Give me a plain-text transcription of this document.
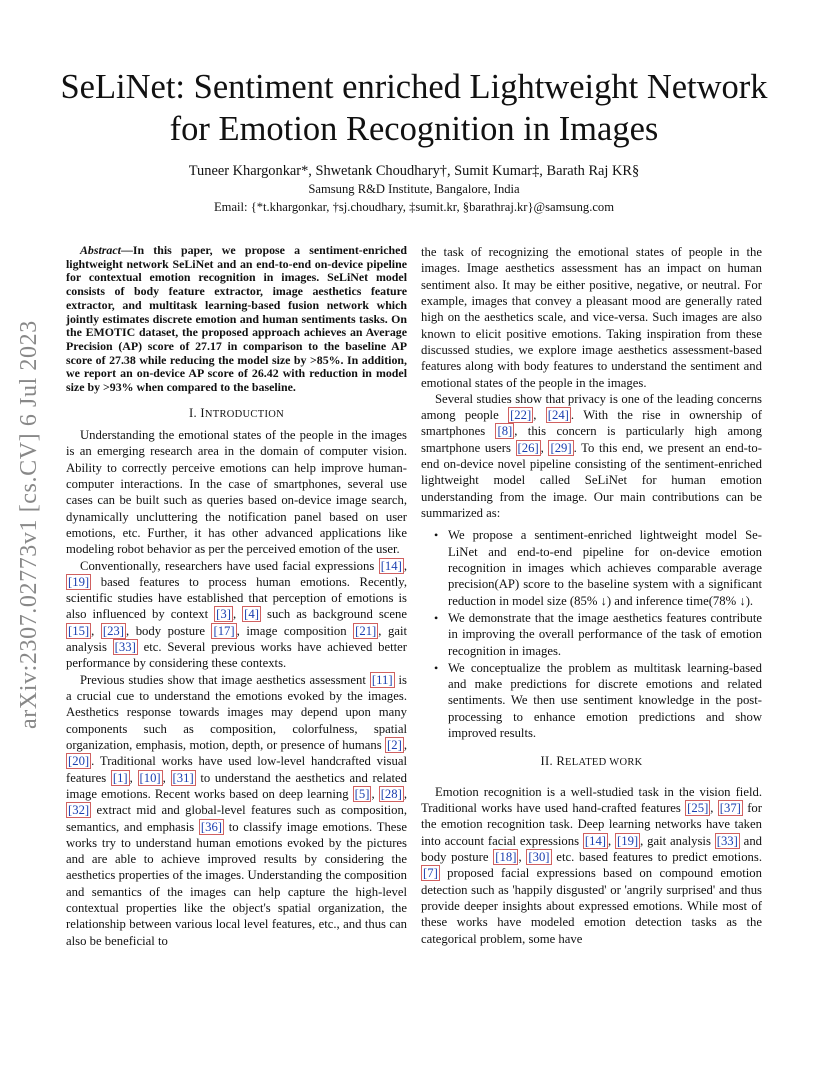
arXiv:2307.02773v1 [cs.CV] 6 Jul 2023
SeLiNet: Sentiment enriched Lightweight Network
for Emotion Recognition in Images
Tuneer Khargonkar*, Shwetank Choudhary†, Sumit Kumar‡, Barath Raj KR§
Samsung R&D Institute, Bangalore, India
Email: {*t.khargonkar, †sj.choudhary, ‡sumit.kr, §barathraj.kr}@samsung.com

Abstract—In this paper, we propose a sentiment-enriched lightweight network SeLiNet and an end-to-end on-device pipeline for contextual emotion recognition in images. SeLiNet model consists of body feature extractor, image aesthetics feature extractor, and multitask learning-based fusion network which jointly estimates discrete emotion and human sentiments tasks. On the EMOTIC dataset, the proposed approach achieves an Average Precision (AP) score of 27.17 in comparison to the baseline AP score of 27.38 while reducing the model size by >85%. In addition, we report an on-device AP score of 26.42 with reduction in model size by >93% when compared to the baseline.

I. INTRODUCTION

Understanding the emotional states of the people in the images is an emerging research area in the domain of computer vision. Ability to correctly perceive emotions can help improve human-computer interactions. In the case of smartphones, several use cases can be built such as queries based on-device image search, dynamically uncluttering the notification panel based on user emotions, etc. Further, it has other advanced applications like modeling robot behavior as per the perceived emotion of the user.

Conventionally, researchers have used facial expressions [14] , [19] based features to process human emotions. Recently, scientific studies have established that perception of emotions is also influenced by context [3] , [4] such as background scene [15] , [23] , body posture [17] , image composition [21] , gait analysis [33] etc. Several previous works have achieved better performance by considering these contexts.

Previous studies show that image aesthetics assessment [11] is a crucial cue to understand the emotions evoked by the images. Aesthetics response towards images may depend upon many components such as composition, colorfulness, spatial organization, emphasis, motion, depth, or presence of humans [2] , [20] . Traditional works have used low-level handcrafted visual features [1] , [10] , [31] to understand the aesthetics and related image emotions. Recent works based on deep learning [5] , [28] , [32] extract mid and global-level features such as composition, semantics, and emphasis [36] to classify image emotions. These works try to understand human emotions evoked by the pictures and are able to achieve improved results by considering the aesthetics properties of the images. Understanding the composition and semantics of the images can help capture the high-level contextual properties like the object's spatial organization, the relationship between various local level features, etc., and thus can also be beneficial to

the task of recognizing the emotional states of people in the images. Image aesthetics assessment has an impact on human sentiment also. It may be either positive, negative, or neutral. For example, images that convey a pleasant mood are generally rated high on the aesthetics scale, and vice-versa. Such images are also known to elicit positive emotions. Taking inspiration from these discussed studies, we explore image aesthetics assessment-based features along with body features to understand the sentiment and emotional states of the people in the images.

Several studies show that privacy is one of the leading concerns among people [22] , [24] . With the rise in ownership of smartphones [8] , this concern is particularly high among smartphone users [26] , [29] . To this end, we present an end-to-end on-device novel pipeline consisting of the sentiment-enriched lightweight model called SeLiNet for human emotion understanding from the image. Our main contributions can be summarized as:

• We propose a sentiment-enriched lightweight model Se-LiNet and end-to-end pipeline for on-device emotion recognition in images which achieves comparable average precision(AP) score to the baseline system with a significant reduction in model size (85% ↓) and inference time(78% ↓).
• We demonstrate that the image aesthetics features contribute in improving the overall performance of the task of emotion recognition in images.
• We conceptualize the problem as multitask learning-based and make predictions for discrete emotions and related sentiments. We then use sentiment knowledge in the post-processing to enhance emotion predictions and show improved results.
II. RELATED WORK

Emotion recognition is a well-studied task in the vision field. Traditional works have used hand-crafted features [25] , [37] for the emotion recognition task. Deep learning networks have taken into account facial expressions [14] , [19] , gait analysis [33] and body posture [18] , [30] etc. based features to predict emotions. [7] proposed facial expressions based on compound emotion detection such as 'happily disgusted' or 'angrily surprised' and thus provide deeper insights about expressed emotions. While most of these works have modeled emotion detection tasks as the categorical problem, some have
